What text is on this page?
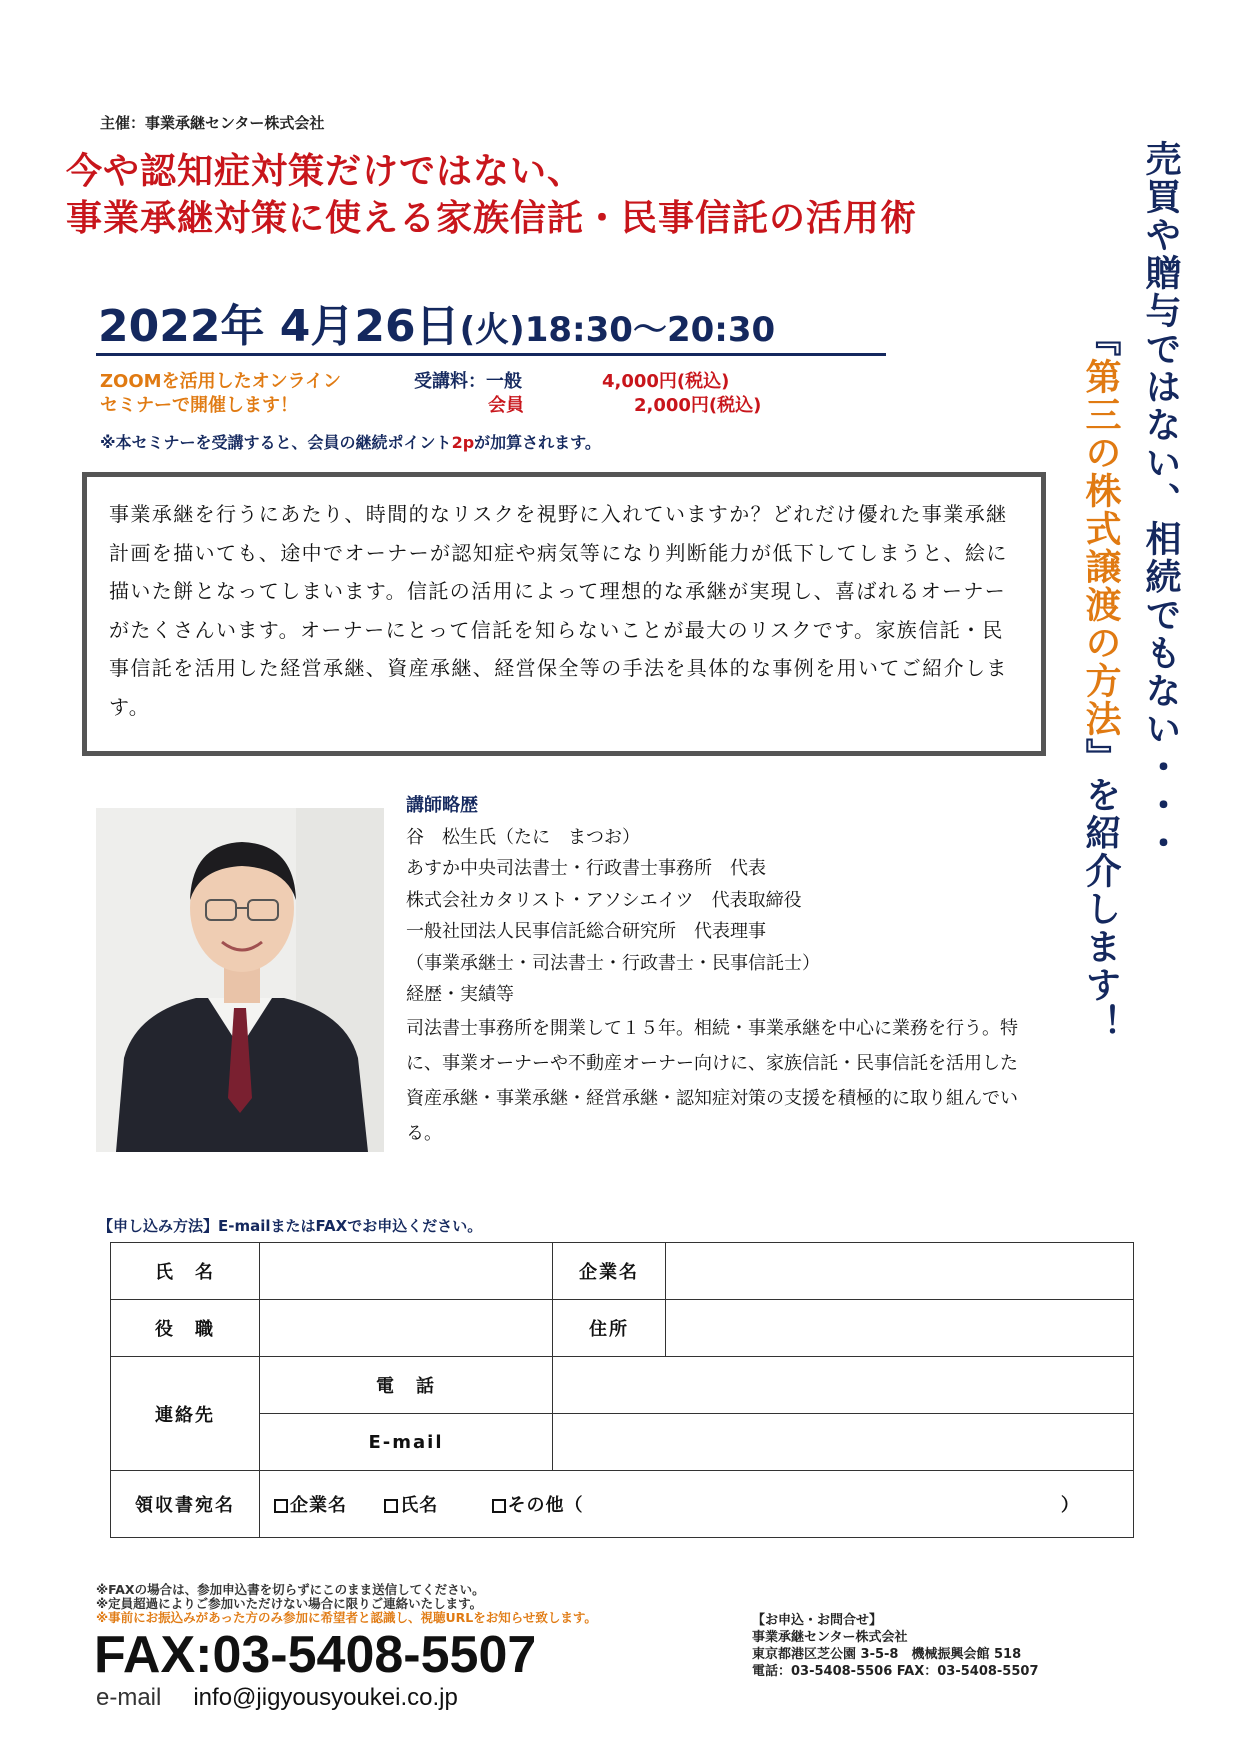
主催：事業承継センター株式会社
今や認知症対策だけではない、
事業承継対策に使える家族信託・民事信託の活用術
2022年 4月26日(火)18:30〜20:30
ZOOMを活用したオンライン
セミナーで開催します！
受講料：一般	4,000円(税込)
会員	2,000円(税込)
※本セミナーを受講すると、会員の継続ポイント2pが加算されます。
事業承継を行うにあたり、時間的なリスクを視野に入れていますか？どれだけ優れた事業承継計画を描いても、途中でオーナーが認知症や病気等になり判断能力が低下してしまうと、絵に描いた餅となってしまいます。信託の活用によって理想的な承継が実現し、喜ばれるオーナーがたくさんいます。オーナーにとって信託を知らないことが最大のリスクです。家族信託・民事信託を活用した経営承継、資産承継、経営保全等の手法を具体的な事例を用いてご紹介します。
講師略歴
谷　松生氏（たに　まつお）
あすか中央司法書士・行政書士事務所　代表
株式会社カタリスト・アソシエイツ　代表取締役
一般社団法人民事信託総合研究所　代表理事
（事業承継士・司法書士・行政書士・民事信託士）
経歴・実績等
司法書士事務所を開業して１５年。相続・事業承継を中心に業務を行う。特に、事業オーナーや不動産オーナー向けに、家族信託・民事信託を活用した資産承継・事業承継・経営承継・認知症対策の支援を積極的に取り組んでいる。
売買や贈与ではない、相続でもない・・・
『第三の株式譲渡の方法』を紹介します！
【申し込み方法】E-mailまたはFAXでお申込ください。
氏　名		企業名	
役　職		住所	
連絡先	電　話		
	E-mail		
領収書宛名	企業名 氏名 その他（ ）		
※FAXの場合は、参加申込書を切らずにこのまま送信してください。
※定員超過によりご参加いただけない場合に限りご連絡いたします。
※事前にお振込みがあった方のみ参加に希望者と認識し、視聴URLをお知らせ致します。
FAX:03-5408-5507
e-mail info@jigyousyoukei.co.jp
【お申込・お問合せ】
事業承継センター株式会社
東京都港区芝公園 3-5-8　機械振興会館 518
電話：03-5408-5506 FAX：03-5408-5507
